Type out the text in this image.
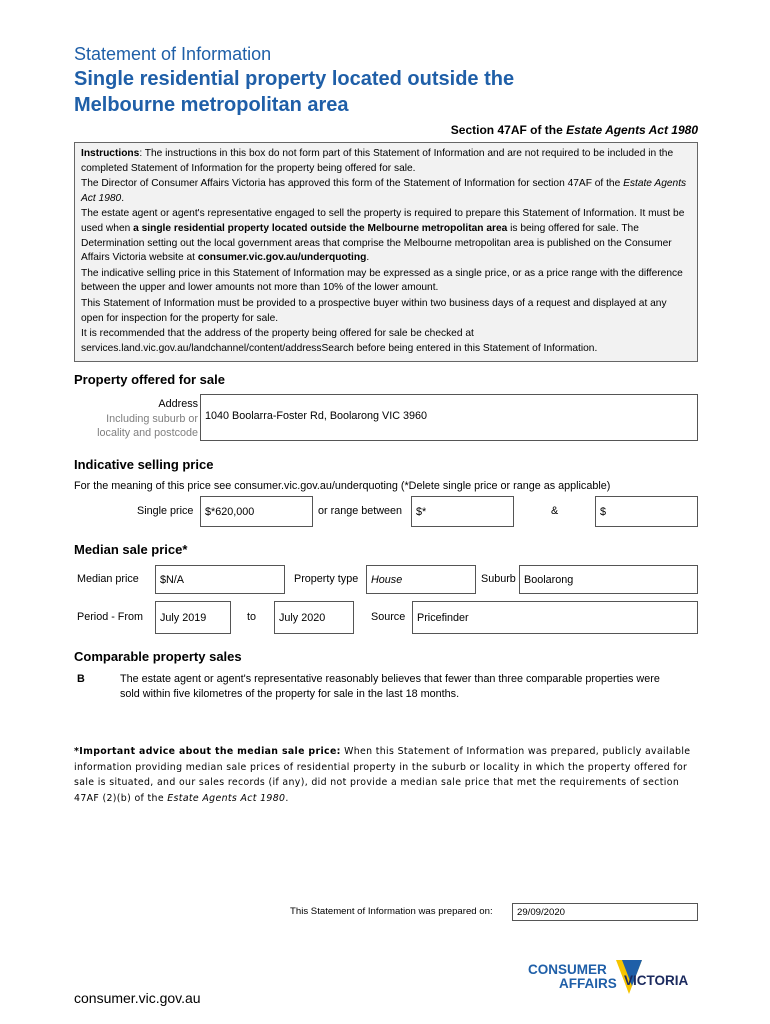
Statement of Information
Single residential property located outside the
Melbourne metropolitan area
Section 47AF of the Estate Agents Act 1980

Instructions: The instructions in this box do not form part of this Statement of Information and are not required to be included in the completed Statement of Information for the property being offered for sale.

The Director of Consumer Affairs Victoria has approved this form of the Statement of Information for section 47AF of the Estate Agents Act 1980.

The estate agent or agent's representative engaged to sell the property is required to prepare this Statement of Information. It must be used when a single residential property located outside the Melbourne metropolitan area is being offered for sale. The Determination setting out the local government areas that comprise the Melbourne metropolitan area is published on the Consumer Affairs Victoria website at consumer.vic.gov.au/underquoting.

The indicative selling price in this Statement of Information may be expressed as a single price, or as a price range with the difference between the upper and lower amounts not more than 10% of the lower amount.

This Statement of Information must be provided to a prospective buyer within two business days of a request and displayed at any open for inspection for the property for sale.

It is recommended that the address of the property being offered for sale be checked at services.land.vic.gov.au/landchannel/content/addressSearch before being entered in this Statement of Information.

Property offered for sale
Address
Including suburb or
locality and postcode
1040 Boolarra-Foster Rd, Boolarong VIC 3960
Indicative selling price
For the meaning of this price see consumer.vic.gov.au/underquoting (*Delete single price or range as applicable)
Single price	$*620,000	or range between	$*	&	$
Median sale price*
Median price	$N/A	Property type	House	Suburb Boolarong
Period - From	July 2019	to	July 2020	Source	Pricefinder
Comparable property sales
B	The estate agent or agent's representative reasonably believes that fewer than three comparable properties were sold within five kilometres of the property for sale in the last 18 months.
*Important advice about the median sale price: When this Statement of Information was prepared, publicly available information providing median sale prices of residential property in the suburb or locality in which the property offered for sale is situated, and our sales records (if any), did not provide a median sale price that met the requirements of section 47AF (2)(b) of the Estate Agents Act 1980.
This Statement of Information was prepared on:	29/09/2020
consumer.vic.gov.au
CONSUMER
AFFAIRS VICTORIA
